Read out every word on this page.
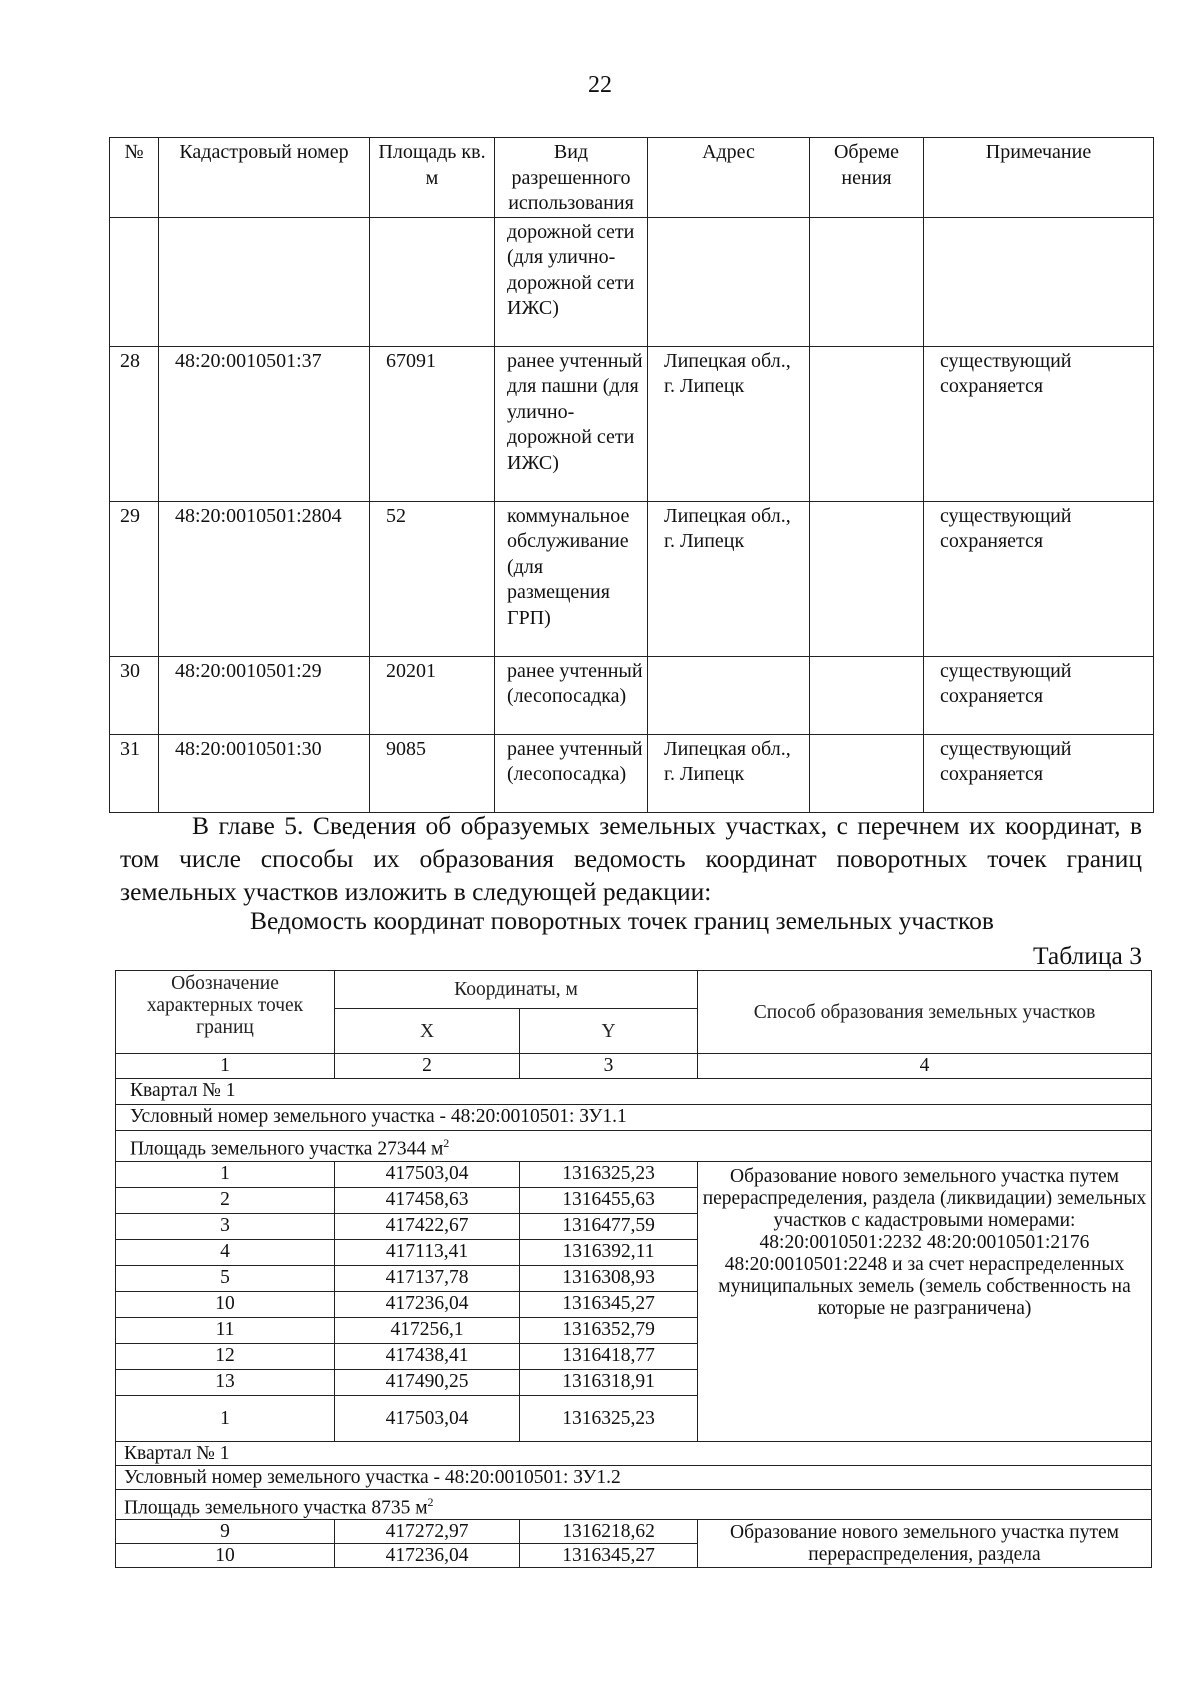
22
№	Кадастровый номер	Площадь кв. м	Вид разрешенного использования	Адрес	Обреме нения	Примечание
			дорожной сети (для улично-дорожной сети ИЖС)			
28	48:20:0010501:37	67091	ранее учтенный для пашни (для улично-дорожной сети ИЖС)	Липецкая обл., г. Липецк		существующий сохраняется
29	48:20:0010501:2804	52	коммунальное обслуживание (для размещения ГРП)	Липецкая обл., г. Липецк		существующий сохраняется
30	48:20:0010501:29	20201	ранее учтенный (лесопосадка)			существующий сохраняется
31	48:20:0010501:30	9085	ранее учтенный (лесопосадка)	Липецкая обл., г. Липецк		существующий сохраняется
В главе 5. Сведения об образуемых земельных участках, с перечнем их координат, в том числе способы их образования ведомость координат поворотных точек границ земельных участков изложить в следующей редакции:
Ведомость координат поворотных точек границ земельных участков
Таблица 3
Обозначение характерных точек границ	Координаты, м		Способ образования земельных участков
	X	Y	
1	2	3	4
Квартал № 1			
Условный номер земельного участка - 48:20:0010501: ЗУ1.1			
Площадь земельного участка 27344 $м^2$
1	417503,04	1316325,23	Образование нового земельного участка путем перераспределения, раздела (ликвидации) земельных участков с кадастровыми номерами: 48:20:0010501:2232 48:20:0010501:2176 48:20:0010501:2248 и за счет нераспределенных муниципальных земель (земель собственность на которые не разграничена)
2	417458,63	1316455,63	
3	417422,67	1316477,59	
4	417113,41	1316392,11	
5	417137,78	1316308,93	
10	417236,04	1316345,27	
11	417256,1	1316352,79	
12	417438,41	1316418,77	
13	417490,25	1316318,91	
1	417503,04	1316325,23	
Квартал № 1			
Условный номер земельного участка - 48:20:0010501: ЗУ1.2			
Площадь земельного участка 8735 $м^2$
9	417272,97	1316218,62	Образование нового земельного участка путем перераспределения, раздела
10	417236,04	1316345,27	
